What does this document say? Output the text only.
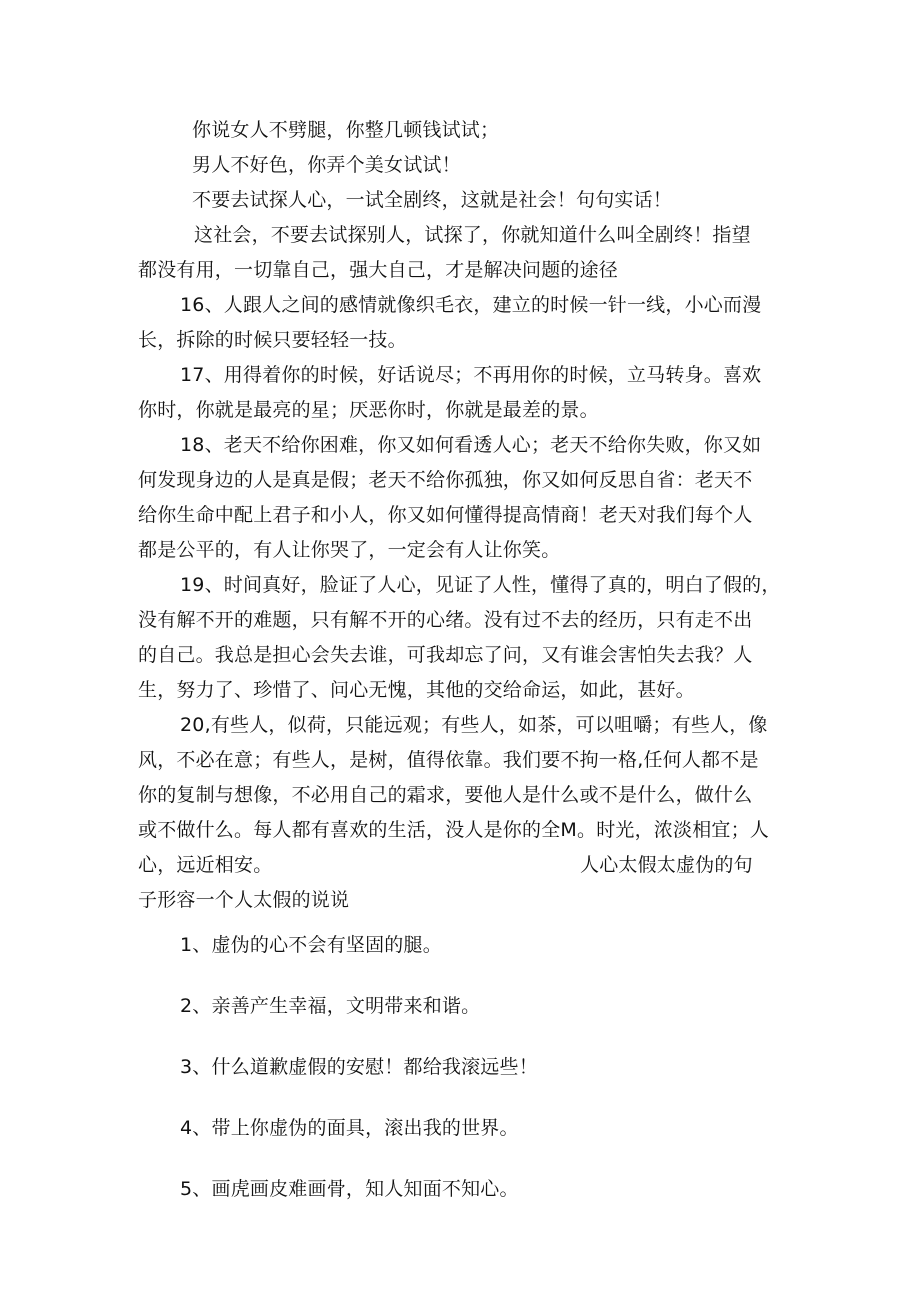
你说女人不劈腿，你整几顿钱试试；
男人不好色，你弄个美女试试！
不要去试探人心，一试全剧终，这就是社会！句句实话！
这社会，不要去试探别人，试探了，你就知道什么叫全剧终！指望
都没有用，一切靠自己，强大自己，才是解决问题的途径
16、人跟人之间的感情就像织毛衣，建立的时候一针一线，小心而漫
长，拆除的时候只要轻轻一技。
17、用得着你的时候，好话说尽；不再用你的时候，立马转身。喜欢
你时，你就是最亮的星；厌恶你时，你就是最差的景。
18、老天不给你困难，你又如何看透人心；老天不给你失败，你又如
何发现身边的人是真是假；老天不给你孤独，你又如何反思自省：老天不
给你生命中配上君子和小人，你又如何懂得提高情商！老天对我们每个人
都是公平的，有人让你哭了，一定会有人让你笑。
19、时间真好，脸证了人心，见证了人性，懂得了真的，明白了假的，
没有解不开的难题，只有解不开的心绪。没有过不去的经历，只有走不出
的自己。我总是担心会失去谁，可我却忘了问，又有谁会害怕失去我？人
生，努力了、珍惜了、问心无愧，其他的交给命运，如此，甚好。
20,有些人，似荷，只能远观；有些人，如茶，可以咀嚼；有些人，像
风，不必在意；有些人，是树，值得依靠。我们要不拘一格,任何人都不是
你的复制与想像，不必用自己的霜求，要他人是什么或不是什么，做什么
或不做什么。每人都有喜欢的生活，没人是你的全M。时光，浓淡相宜；人
心，远近相安。	人心太假太虚伪的句
子形容一个人太假的说说
1、虚伪的心不会有坚固的腿。
2、亲善产生幸福，文明带来和谐。
3、什么道歉虚假的安慰！都给我滚远些！
4、带上你虚伪的面具，滚出我的世界。
5、画虎画皮难画骨，知人知面不知心。
